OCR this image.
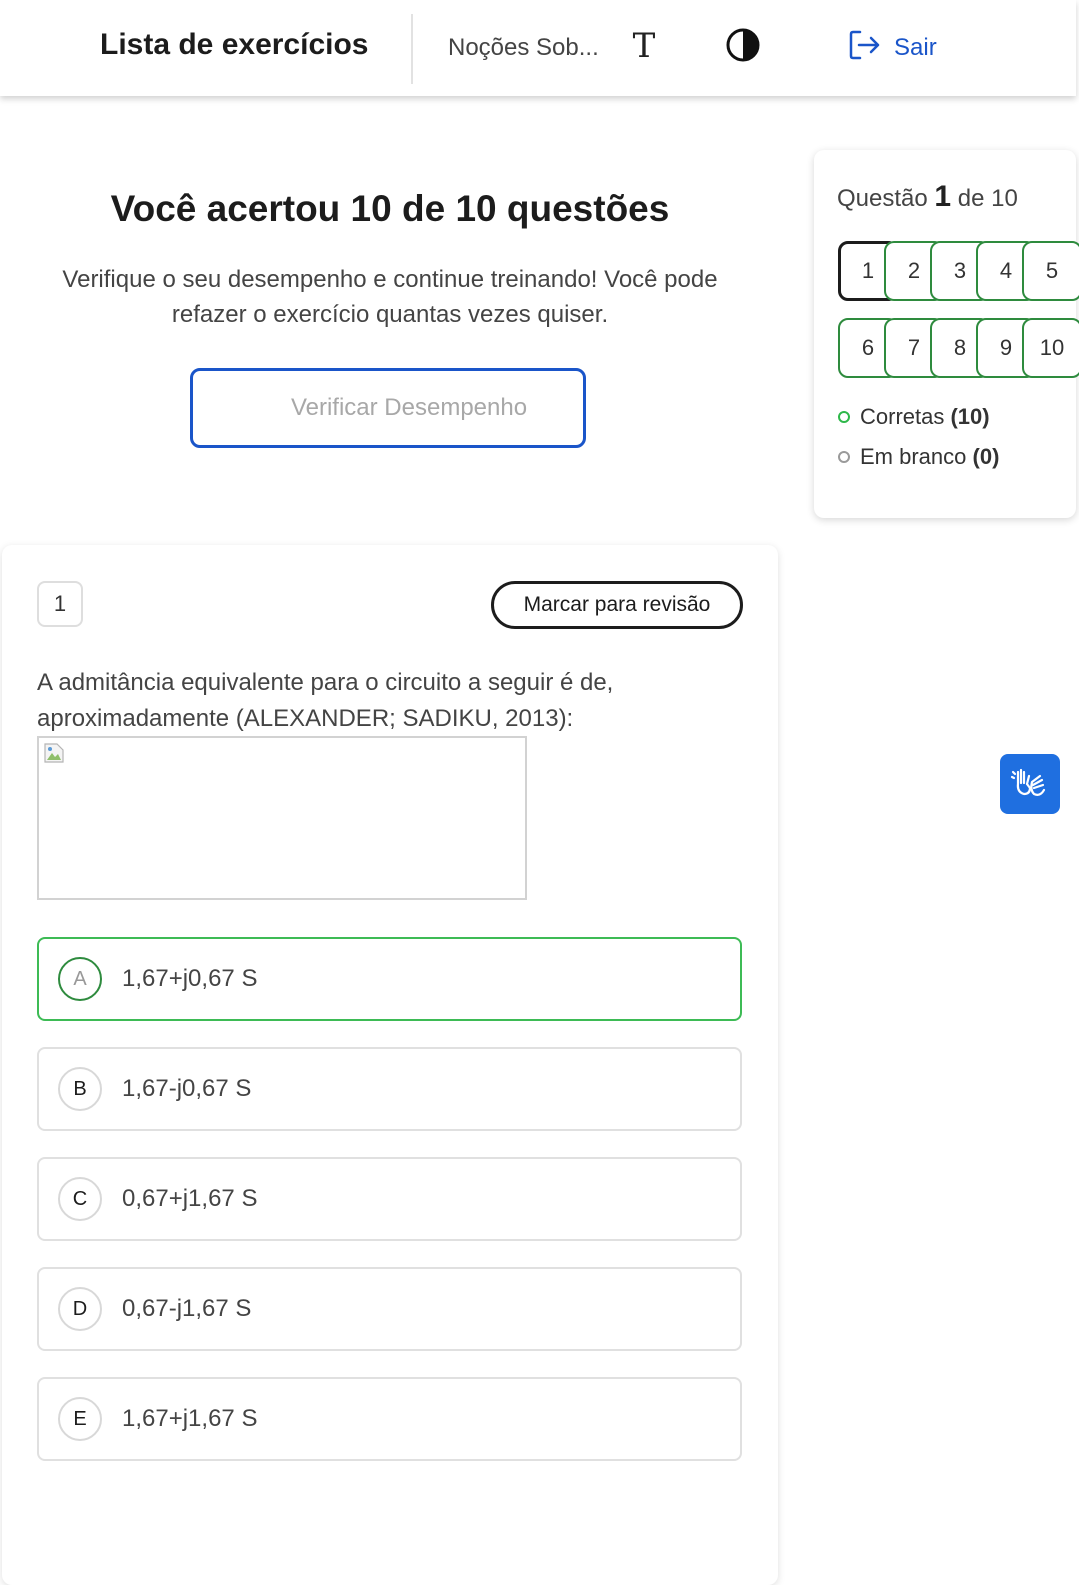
Lista de exercícios	Noções Sob... T	Sair
Você acertou 10 de 10 questões
Verifique o seu desempenho e continue treinando! Você pode refazer o exercício quantas vezes quiser.
Verificar Desempenho
Questão 1 de 10
1	2	3	4	5
6	7	8	9	10
Corretas (10)
Em branco (0)
1	Marcar para revisão
A admitância equivalente para o circuito a seguir é de, aproximadamente (ALEXANDER; SADIKU, 2013):
A	1,67+j0,67 S
B	1,67-j0,67 S
C	0,67+j1,67 S
D	0,67-j1,67 S
E	1,67+j1,67 S
